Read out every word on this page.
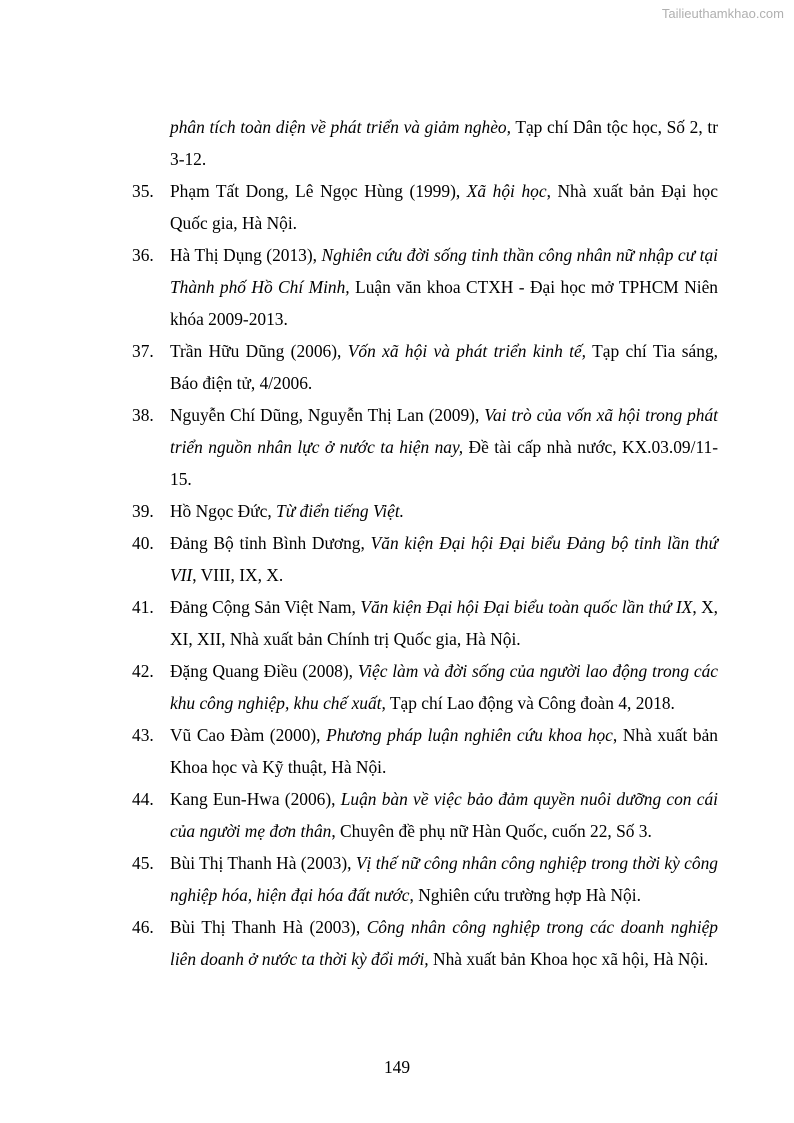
Tailieuthamkhao.com

phân tích toàn diện về phát triển và giảm nghèo, Tạp chí Dân tộc học, Số 2, tr 3-12.

35. Phạm Tất Dong, Lê Ngọc Hùng (1999), Xã hội học, Nhà xuất bản Đại học Quốc gia, Hà Nội.

36. Hà Thị Dụng (2013), Nghiên cứu đời sống tinh thần công nhân nữ nhập cư tại Thành phố Hồ Chí Minh, Luận văn khoa CTXH - Đại học mở TPHCM Niên khóa 2009-2013.

37. Trần Hữu Dũng (2006), Vốn xã hội và phát triển kinh tế, Tạp chí Tia sáng, Báo điện tử, 4/2006.

38. Nguyễn Chí Dũng, Nguyễn Thị Lan (2009), Vai trò của vốn xã hội trong phát triển nguồn nhân lực ở nước ta hiện nay, Đề tài cấp nhà nước, KX.03.09/11-15.

39. Hồ Ngọc Đức, Từ điển tiếng Việt.

40. Đảng Bộ tỉnh Bình Dương, Văn kiện Đại hội Đại biểu Đảng bộ tỉnh lần thứ VII, VIII, IX, X.

41. Đảng Cộng Sản Việt Nam, Văn kiện Đại hội Đại biểu toàn quốc lần thứ IX, X, XI, XII, Nhà xuất bản Chính trị Quốc gia, Hà Nội.

42. Đặng Quang Điều (2008), Việc làm và đời sống của người lao động trong các khu công nghiệp, khu chế xuất, Tạp chí Lao động và Công đoàn 4, 2018.

43. Vũ Cao Đàm (2000), Phương pháp luận nghiên cứu khoa học, Nhà xuất bản Khoa học và Kỹ thuật, Hà Nội.

44. Kang Eun-Hwa (2006), Luận bàn về việc bảo đảm quyền nuôi dưỡng con cái của người mẹ đơn thân, Chuyên đề phụ nữ Hàn Quốc, cuốn 22, Số 3.

45. Bùi Thị Thanh Hà (2003), Vị thế nữ công nhân công nghiệp trong thời kỳ công nghiệp hóa, hiện đại hóa đất nước, Nghiên cứu trường hợp Hà Nội.

46. Bùi Thị Thanh Hà (2003), Công nhân công nghiệp trong các doanh nghiệp liên doanh ở nước ta thời kỳ đổi mới, Nhà xuất bản Khoa học xã hội, Hà Nội.

149
